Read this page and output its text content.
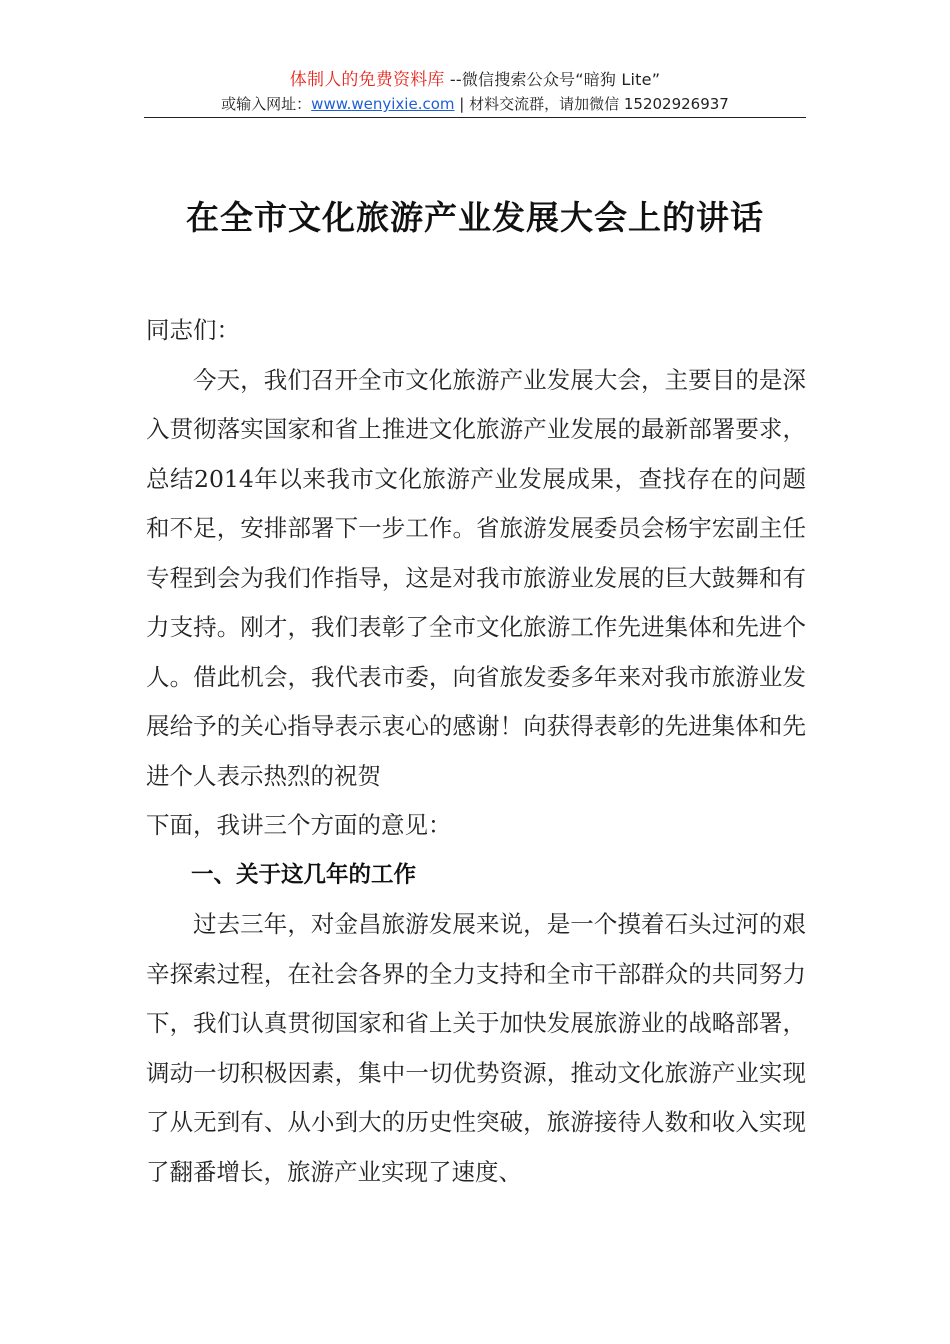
体制人的免费资料库 --微信搜索公众号“暗狗 Lite”
或输入网址：www.wenyixie.com | 材料交流群，请加微信 15202926937
在全市文化旅游产业发展大会上的讲话

同志们：

今天，我们召开全市文化旅游产业发展大会，主要目的是深入贯彻落实国家和省上推进文化旅游产业发展的最新部署要求，总结2014年以来我市文化旅游产业发展成果，查找存在的问题和不足，安排部署下一步工作。省旅游发展委员会杨宇宏副主任专程到会为我们作指导，这是对我市旅游业发展的巨大鼓舞和有力支持。刚才，我们表彰了全市文化旅游工作先进集体和先进个人。借此机会，我代表市委，向省旅发委多年来对我市旅游业发展给予的关心指导表示衷心的感谢！向获得表彰的先进集体和先进个人表示热烈的祝贺

下面，我讲三个方面的意见：

一、关于这几年的工作

过去三年，对金昌旅游发展来说，是一个摸着石头过河的艰辛探索过程，在社会各界的全力支持和全市干部群众的共同努力下，我们认真贯彻国家和省上关于加快发展旅游业的战略部署，调动一切积极因素，集中一切优势资源，推动文化旅游产业实现了从无到有、从小到大的历史性突破，旅游接待人数和收入实现了翻番增长，旅游产业实现了速度、
